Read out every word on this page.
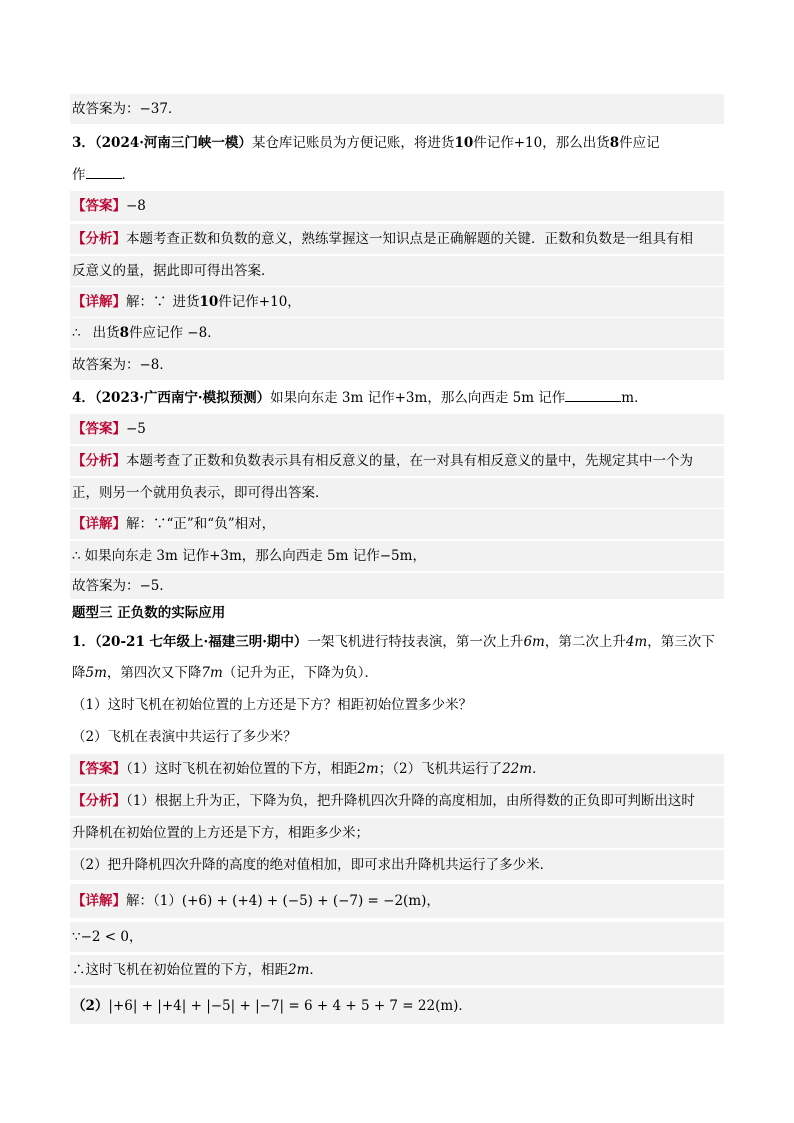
故答案为：−37．
3．（2024·河南三门峡一模）某仓库记账员为方便记账，将进货10件记作+10，那么出货8件应记
作	．
【答案】−8
【分析】本题考查正数和负数的意义，熟练掌握这一知识点是正确解题的关键．正数和负数是一组具有相
反意义的量，据此即可得出答案．
【详解】解：∵ 进货10件记作+10，
∴ 出货8件应记作 −8．
故答案为：−8．
4．（2023·广西南宁·模拟预测）如果向东走 3m 记作+3m，那么向西走 5m 记作	m．
【答案】−5
【分析】本题考查了正数和负数表示具有相反意义的量，在一对具有相反意义的量中，先规定其中一个为
正，则另一个就用负表示，即可得出答案．
【详解】解：∵“正”和“负”相对，
∴ 如果向东走 3m 记作+3m，那么向西走 5m 记作−5m，
故答案为：−5．
题型三 正负数的实际应用
1．（20-21 七年级上·福建三明·期中）一架飞机进行特技表演，第一次上升6m，第二次上升4m，第三次下
降5m，第四次又下降7m（记升为正，下降为负）．
（1）这时飞机在初始位置的上方还是下方？相距初始位置多少米？
（2）飞机在表演中共运行了多少米？
【答案】（1）这时飞机在初始位置的下方，相距2m；（2）飞机共运行了22m．
【分析】（1）根据上升为正，下降为负，把升降机四次升降的高度相加，由所得数的正负即可判断出这时
升降机在初始位置的上方还是下方，相距多少米；
（2）把升降机四次升降的高度的绝对值相加，即可求出升降机共运行了多少米．
【详解】解：（1）(+6) + (+4) + (−5) + (−7) = −2(m)，
∵−2 < 0，
∴这时飞机在初始位置的下方，相距2m．
（2）|+6| + |+4| + |−5| + |−7| = 6 + 4 + 5 + 7 = 22(m)．
